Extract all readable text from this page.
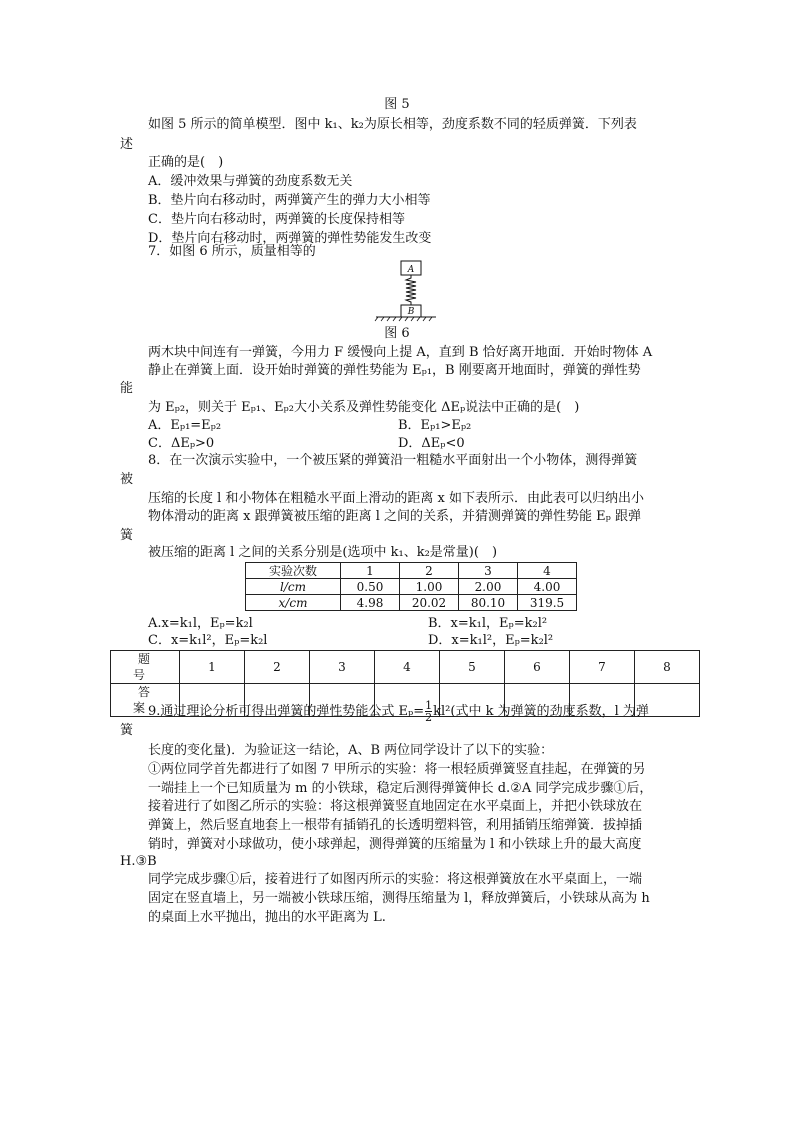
图 5
如图 5 所示的简单模型．图中 k₁、k₂为原长相等，劲度系数不同的轻质弹簧．下列表
述
正确的是(　)
A．缓冲效果与弹簧的劲度系数无关
B．垫片向右移动时，两弹簧产生的弹力大小相等
C．垫片向右移动时，两弹簧的长度保持相等
D．垫片向右移动时，两弹簧的弹性势能发生改变
7．如图 6 所示，质量相等的
A
B
图 6
两木块中间连有一弹簧，今用力 F 缓慢向上提 A，直到 B 恰好离开地面．开始时物体 A
静止在弹簧上面．设开始时弹簧的弹性势能为 Eₚ₁，B 刚要离开地面时，弹簧的弹性势
能
为 Eₚ₂，则关于 Eₚ₁、Eₚ₂大小关系及弹性势能变化 ΔEₚ说法中正确的是(　)
A．Eₚ₁=Eₚ₂	B．Eₚ₁>Eₚ₂
C．ΔEₚ>0	D．ΔEₚ<0
8．在一次演示实验中，一个被压紧的弹簧沿一粗糙水平面射出一个小物体，测得弹簧
被
压缩的长度 l 和小物体在粗糙水平面上滑动的距离 x 如下表所示．由此表可以归纳出小
物体滑动的距离 x 跟弹簧被压缩的距离 l 之间的关系，并猜测弹簧的弹性势能 Eₚ 跟弹
簧
被压缩的距离 l 之间的关系分别是(选项中 k₁、k₂是常量)(　)
实验次数	1	2	3	4
l/cm	0.50	1.00	2.00	4.00
x/cm	4.98	20.02	80.10	319.5
A.x=k₁l，Eₚ=k₂l	B．x=k₁l，Eₚ=k₂l²
C．x=k₁l²，Eₚ=k₂l	D．x=k₁l²，Eₚ=k₂l²
题　号	1	2	3	4	5	6	7	8
答　案								
9.通过理论分析可得出弹簧的弹性势能公式 $E_p= \frac{1}{2} kl^2$(式中 k 为弹簧的劲度系数，l 为弹
簧
长度的变化量)．为验证这一结论，A、B 两位同学设计了以下的实验：
①两位同学首先都进行了如图 7 甲所示的实验：将一根轻质弹簧竖直挂起，在弹簧的另
一端挂上一个已知质量为 m 的小铁球，稳定后测得弹簧伸长 d.②A 同学完成步骤①后，
接着进行了如图乙所示的实验：将这根弹簧竖直地固定在水平桌面上，并把小铁球放在
弹簧上，然后竖直地套上一根带有插销孔的长透明塑料管，利用插销压缩弹簧．拔掉插
销时，弹簧对小球做功，使小球弹起，测得弹簧的压缩量为 l 和小铁球上升的最大高度
H.③B
同学完成步骤①后，接着进行了如图丙所示的实验：将这根弹簧放在水平桌面上，一端
固定在竖直墙上，另一端被小铁球压缩，测得压缩量为 l，释放弹簧后，小铁球从高为 h
的桌面上水平抛出，抛出的水平距离为 L.
